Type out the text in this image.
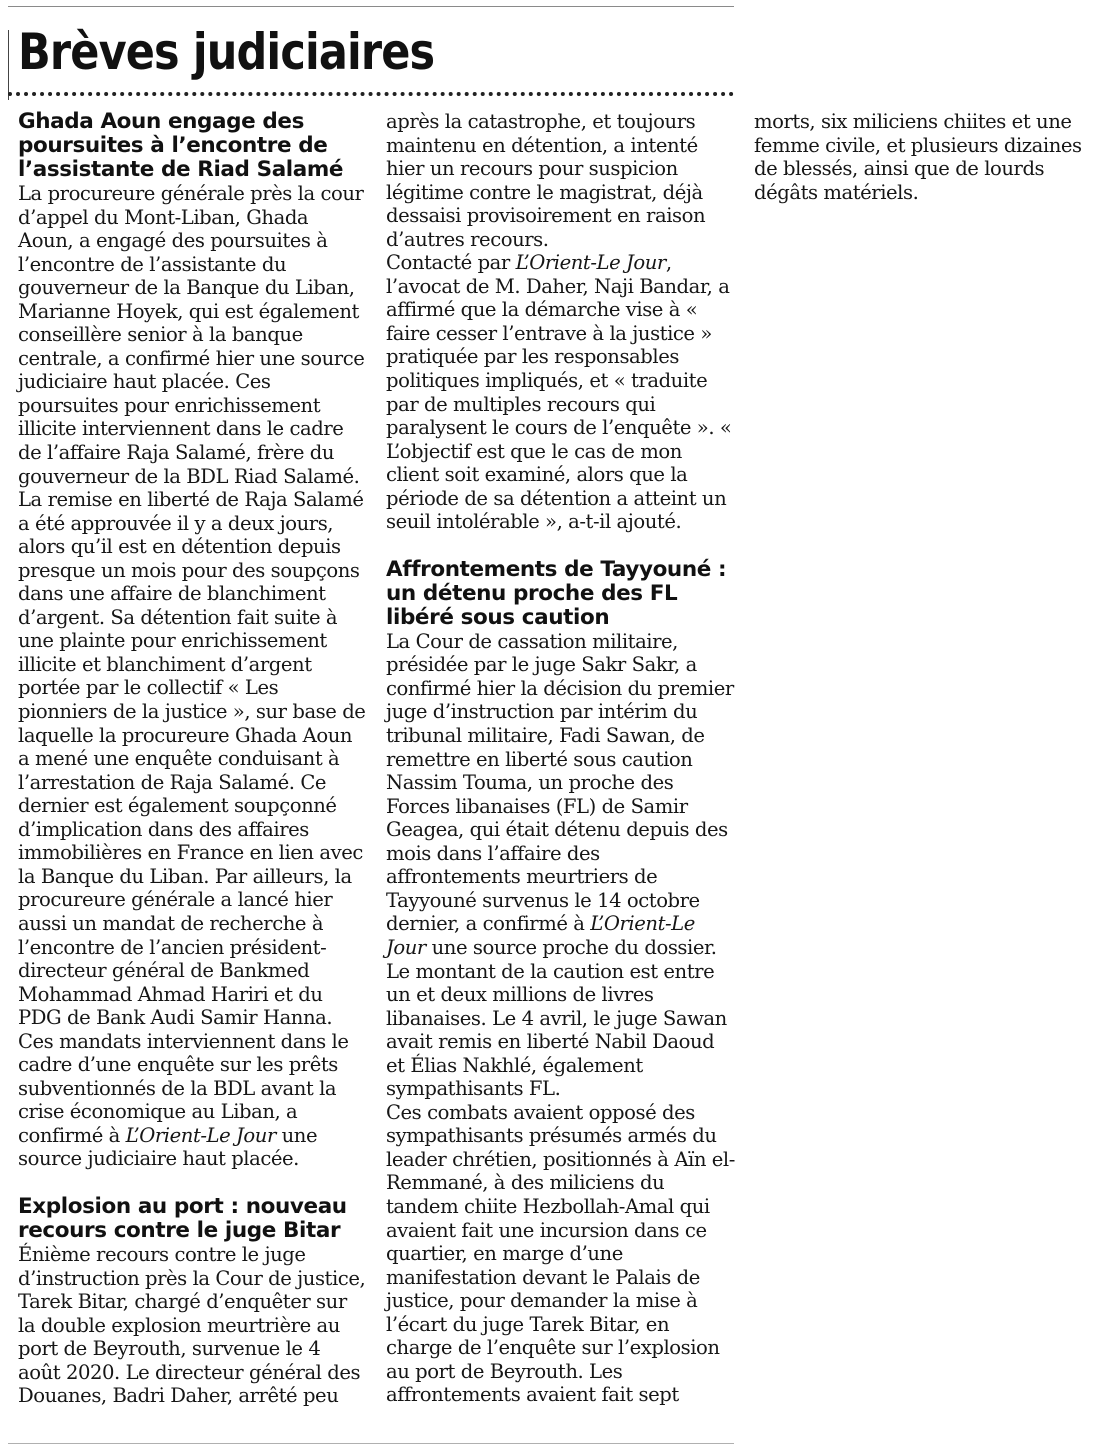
Brèves judiciaires
Ghada Aoun engage des poursuites à l’encontre de l’assistante de Riad Salamé

La procureure générale près la cour d’appel du Mont-Liban, Ghada Aoun, a engagé des poursuites à l’encontre de l’assistante du gouverneur de la Banque du Liban, Marianne Hoyek, qui est également conseillère senior à la banque centrale, a confirmé hier une source judiciaire haut placée. Ces poursuites pour enrichissement illicite interviennent dans le cadre de l’affaire Raja Salamé, frère du gouverneur de la BDL Riad Salamé. La remise en liberté de Raja Salamé a été approuvée il y a deux jours, alors qu’il est en détention depuis presque un mois pour des soupçons dans une affaire de blanchiment d’argent. Sa détention fait suite à une plainte pour enrichissement illicite et blanchiment d’argent portée par le collectif « Les pionniers de la justice », sur base de laquelle la procureure Ghada Aoun a mené une enquête conduisant à l’arrestation de Raja Salamé. Ce dernier est également soupçonné d’implication dans des affaires immobilières en France en lien avec la Banque du Liban. Par ailleurs, la procureure générale a lancé hier aussi un mandat de recherche à l’encontre de l’ancien président-directeur général de Bankmed Mohammad Ahmad Hariri et du PDG de Bank Audi Samir Hanna. Ces mandats interviennent dans le cadre d’une enquête sur les prêts subventionnés de la BDL avant la crise économique au Liban, a confirmé à L’Orient-Le Jour une source judiciaire haut placée.

Explosion au port : nouveau recours contre le juge Bitar

Énième recours contre le juge d’instruction près la Cour de justice, Tarek Bitar, chargé d’enquêter sur la double explosion meurtrière au port de Beyrouth, survenue le 4 août 2020. Le directeur général des Douanes, Badri Daher, arrêté peu après la catastrophe, et toujours maintenu en détention, a intenté hier un recours pour suspicion légitime contre le magistrat, déjà dessaisi provisoirement en raison d’autres recours.

Contacté par L’Orient-Le Jour, l’avocat de M. Daher, Naji Bandar, a affirmé que la démarche vise à « faire cesser l’entrave à la justice » pratiquée par les responsables politiques impliqués, et « traduite par de multiples recours qui paralysent le cours de l’enquête ». « L’objectif est que le cas de mon client soit examiné, alors que la période de sa détention a atteint un seuil intolérable », a-t-il ajouté.

Affrontements de Tayyouné : un détenu proche des FL libéré sous caution

La Cour de cassation militaire, présidée par le juge Sakr Sakr, a confirmé hier la décision du premier juge d’instruction par intérim du tribunal militaire, Fadi Sawan, de remettre en liberté sous caution Nassim Touma, un proche des Forces libanaises (FL) de Samir Geagea, qui était détenu depuis des mois dans l’affaire des affrontements meurtriers de Tayyouné survenus le 14 octobre dernier, a confirmé à L’Orient-Le Jour une source proche du dossier. Le montant de la caution est entre un et deux millions de livres libanaises. Le 4 avril, le juge Sawan avait remis en liberté Nabil Daoud et Élias Nakhlé, également sympathisants FL.

Ces combats avaient opposé des sympathisants présumés armés du leader chrétien, positionnés à Aïn el-Remmané, à des miliciens du tandem chiite Hezbollah-Amal qui avaient fait une incursion dans ce quartier, en marge d’une manifestation devant le Palais de justice, pour demander la mise à l’écart du juge Tarek Bitar, en charge de l’enquête sur l’explosion au port de Beyrouth. Les affrontements avaient fait sept morts, six miliciens chiites et une femme civile, et plusieurs dizaines de blessés, ainsi que de lourds dégâts matériels.
